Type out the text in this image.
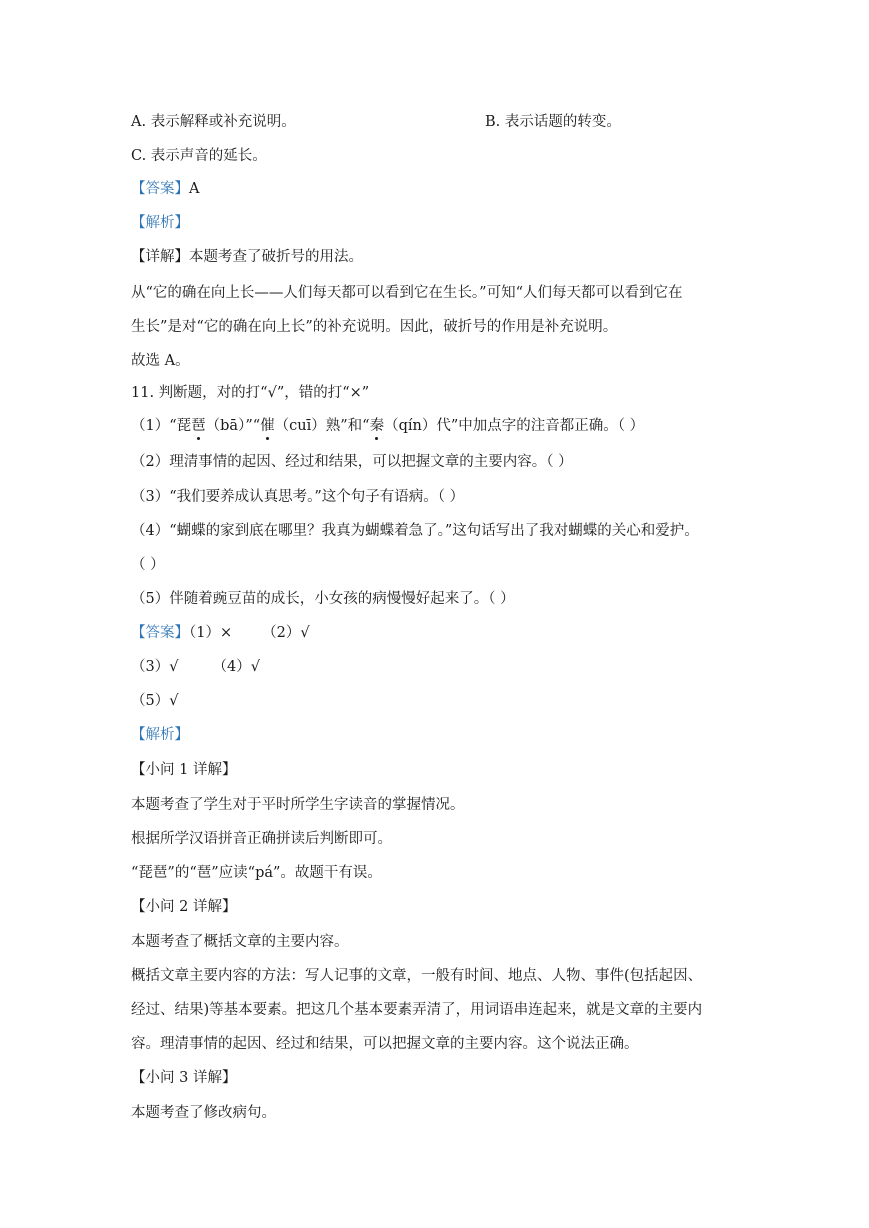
A. 表示解释或补充说明。	B. 表示话题的转变。
C. 表示声音的延长。
【答案】A
【解析】
【详解】本题考查了破折号的用法。
从“它的确在向上长——人们每天都可以看到它在生长。”可知“人们每天都可以看到它在
生长”是对“它的确在向上长”的补充说明。因此，破折号的作用是补充说明。
故选 A。
11. 判断题，对的打“√”，错的打“×”
（1）“琵琶（bā）”“催（cuī）熟”和“秦（qín）代”中加点字的注音都正确。（ ）
（2）理清事情的起因、经过和结果，可以把握文章的主要内容。（ ）
（3）“我们要养成认真思考。”这个句子有语病。（ ）
（4）“蝴蝶的家到底在哪里？我真为蝴蝶着急了。”这句话写出了我对蝴蝶的关心和爱护。
（ ）
（5）伴随着豌豆苗的成长，小女孩的病慢慢好起来了。（ ）
【答案】（1）× （2）√
（3）√ （4）√
（5）√
【解析】
【小问 1 详解】
本题考查了学生对于平时所学生字读音的掌握情况。
根据所学汉语拼音正确拼读后判断即可。
“琵琶”的“琶”应读“pá”。故题干有误。
【小问 2 详解】
本题考查了概括文章的主要内容。
概括文章主要内容的方法：写人记事的文章，一般有时间、地点、人物、事件(包括起因、
经过、结果)等基本要素。把这几个基本要素弄清了，用词语串连起来，就是文章的主要内
容。理清事情的起因、经过和结果，可以把握文章的主要内容。这个说法正确。
【小问 3 详解】
本题考查了修改病句。
